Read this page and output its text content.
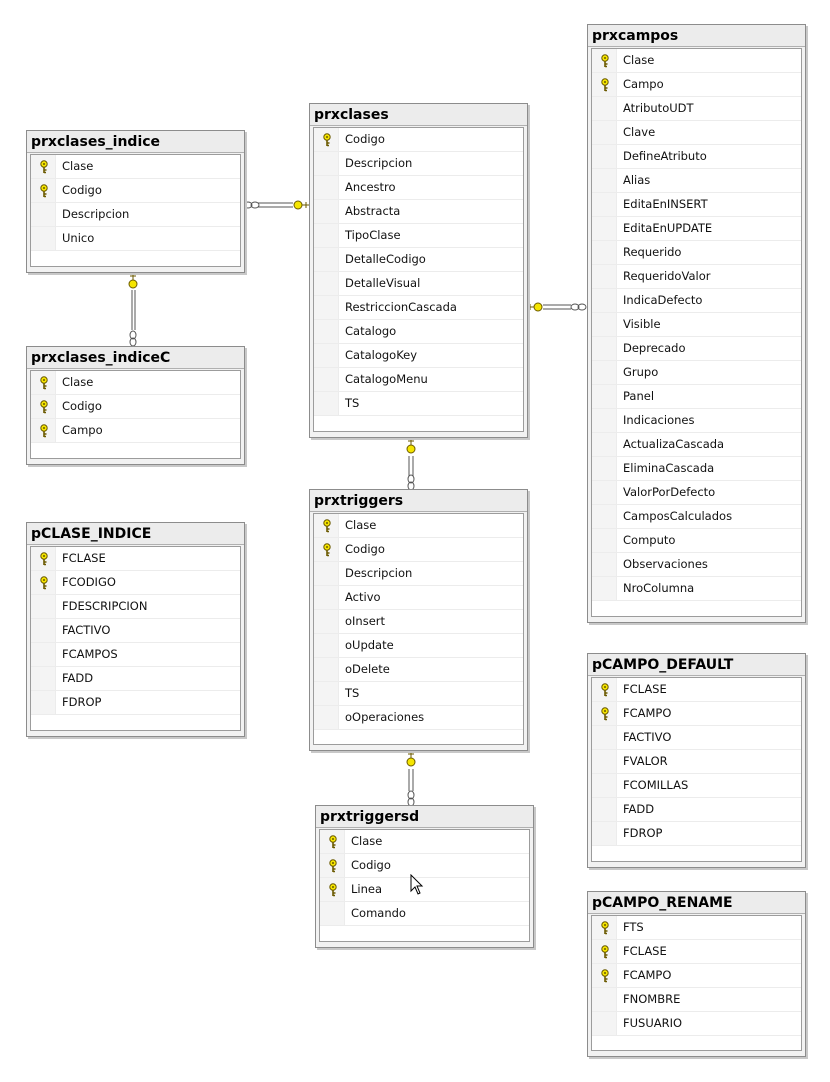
prxclases_indice
Clase
Codigo
Descripcion
Unico
prxclases_indiceC
Clase
Codigo
Campo
pCLASE_INDICE
FCLASE
FCODIGO
FDESCRIPCION
FACTIVO
FCAMPOS
FADD
FDROP
prxclases
Codigo
Descripcion
Ancestro
Abstracta
TipoClase
DetalleCodigo
DetalleVisual
RestriccionCascada
Catalogo
CatalogoKey
CatalogoMenu
TS
prxtriggers
Clase
Codigo
Descripcion
Activo
oInsert
oUpdate
oDelete
TS
oOperaciones
prxtriggersd
Clase
Codigo
Linea
Comando
prxcampos
Clase
Campo
AtributoUDT
Clave
DefineAtributo
Alias
EditaEnINSERT
EditaEnUPDATE
Requerido
RequeridoValor
IndicaDefecto
Visible
Deprecado
Grupo
Panel
Indicaciones
ActualizaCascada
EliminaCascada
ValorPorDefecto
CamposCalculados
Computo
Observaciones
NroColumna
pCAMPO_DEFAULT
FCLASE
FCAMPO
FACTIVO
FVALOR
FCOMILLAS
FADD
FDROP
pCAMPO_RENAME
FTS
FCLASE
FCAMPO
FNOMBRE
FUSUARIO
